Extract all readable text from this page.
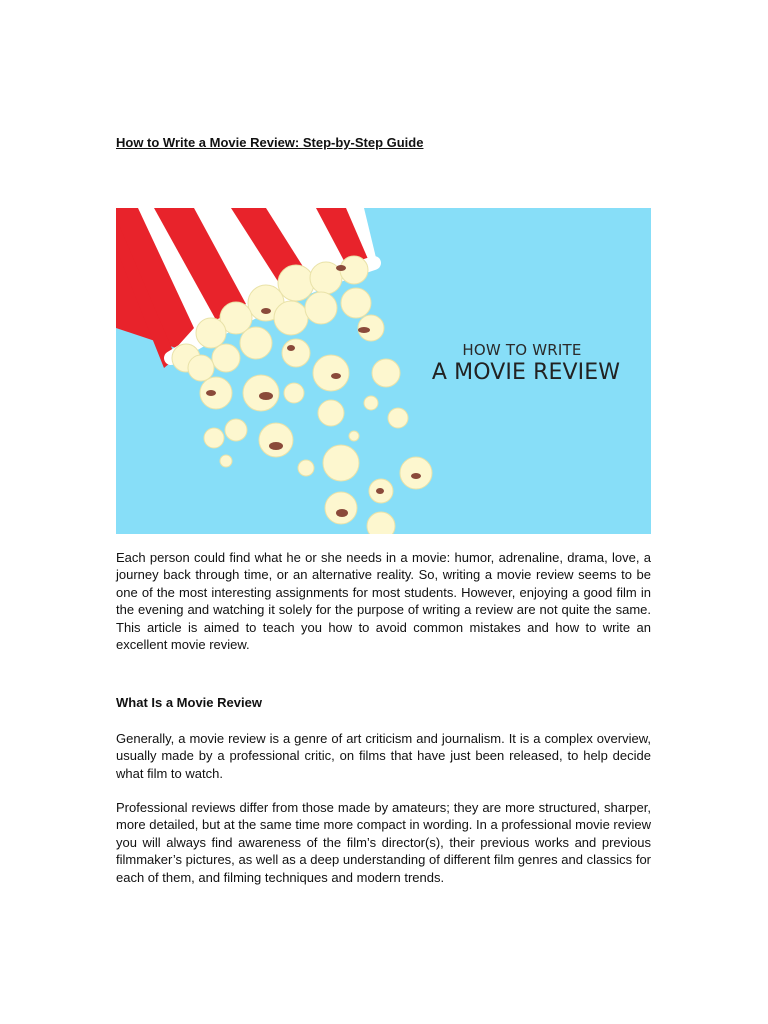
How to Write a Movie Review: Step-by-Step Guide
HOW TO WRITE
A MOVIE REVIEW

Each person could find what he or she needs in a movie: humor, adrenaline, drama, love, a journey back through time, or an alternative reality. So, writing a movie review seems to be one of the most interesting assignments for most students. However, enjoying a good film in the evening and watching it solely for the purpose of writing a review are not quite the same. This article is aimed to teach you how to avoid common mistakes and how to write an excellent movie review.

What Is a Movie Review

Generally, a movie review is a genre of art criticism and journalism. It is a complex overview, usually made by a professional critic, on films that have just been released, to help decide what film to watch.

Professional reviews differ from those made by amateurs; they are more structured, sharper, more detailed, but at the same time more compact in wording. In a professional movie review you will always find awareness of the film’s director(s), their previous works and previous filmmaker’s pictures, as well as a deep understanding of different film genres and classics for each of them, and filming techniques and modern trends.
